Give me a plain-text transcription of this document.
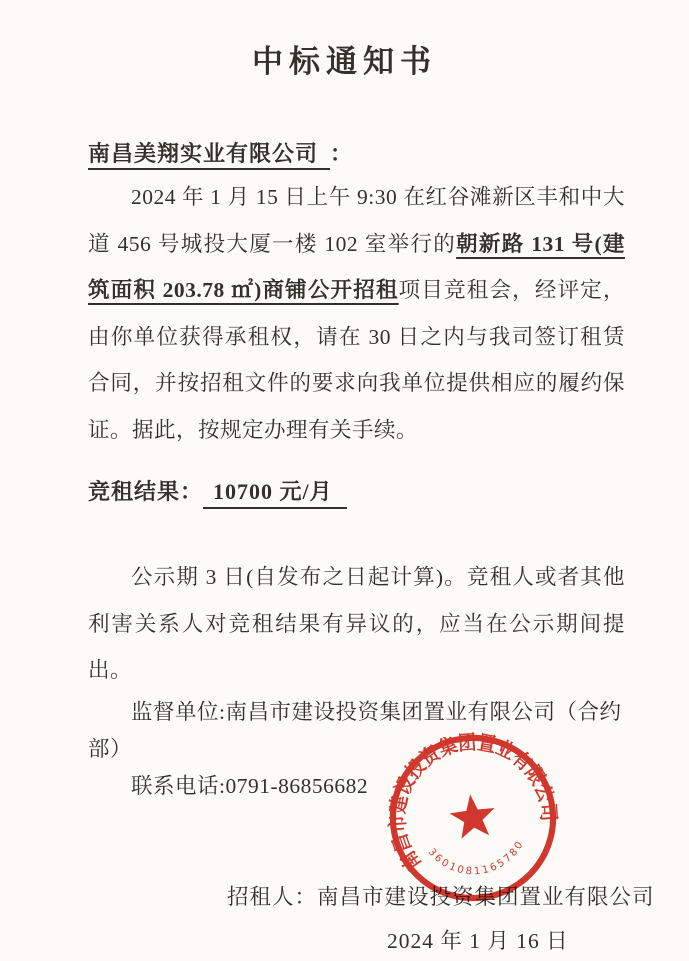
中标通知书
南昌美翔实业有限公司 ：

2024 年 1 月 15 日上午 9:30 在红谷滩新区丰和中大道 456 号城投大厦一楼 102 室举行的朝新路 131 号(建筑面积 203.78 ㎡)商铺公开招租项目竞租会，经评定，由你单位获得承租权，请在 30 日之内与我司签订租赁合同，并按招租文件的要求向我单位提供相应的履约保证。据此，按规定办理有关手续。

竞租结果： 10700 元/月

公示期 3 日(自发布之日起计算)。竞租人或者其他利害关系人对竞租结果有异议的，应当在公示期间提出。

监督单位:南昌市建设投资集团置业有限公司（合约部）
联系电话:0791-86856682
招租人：南昌市建设投资集团置业有限公司
2024 年 1 月 16 日
南昌市建设投资集团置业有限公司
3601081165780
